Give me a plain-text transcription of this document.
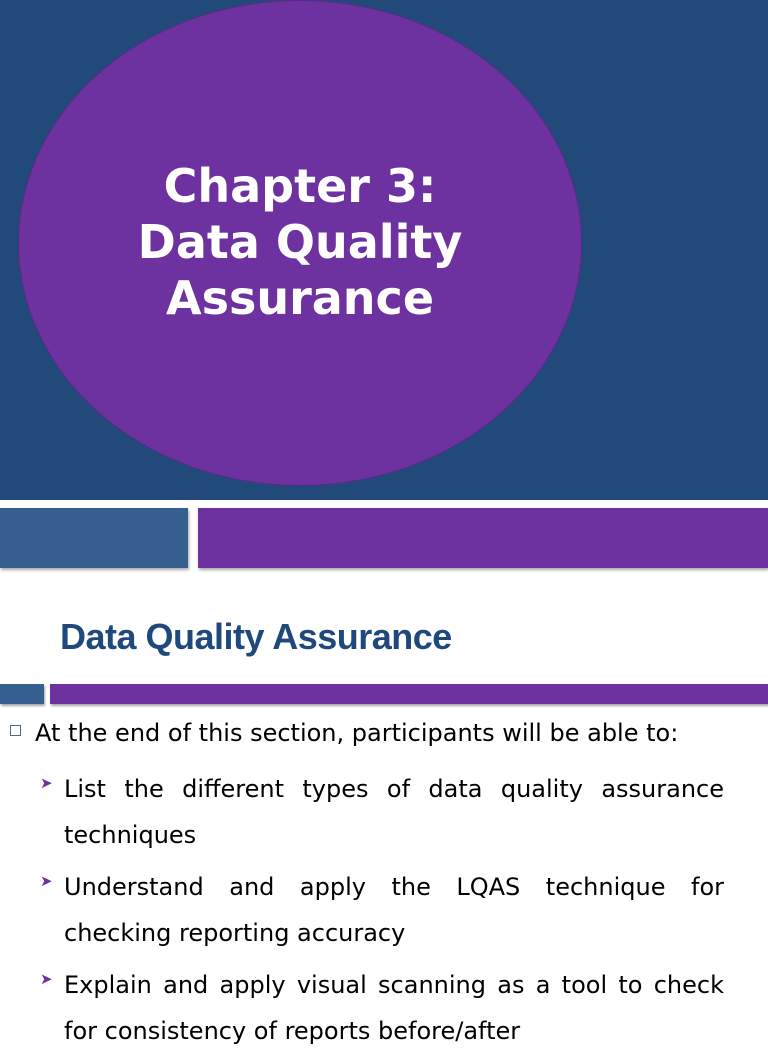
Chapter 3:
Data Quality
Assurance
Data Quality Assurance
At the end of this section, participants will be able to:
➤ List the different types of data quality assurance techniques
➤ Understand and apply the LQAS technique for checking reporting accuracy
➤ Explain and apply visual scanning as a tool to check for consistency of reports before/after
